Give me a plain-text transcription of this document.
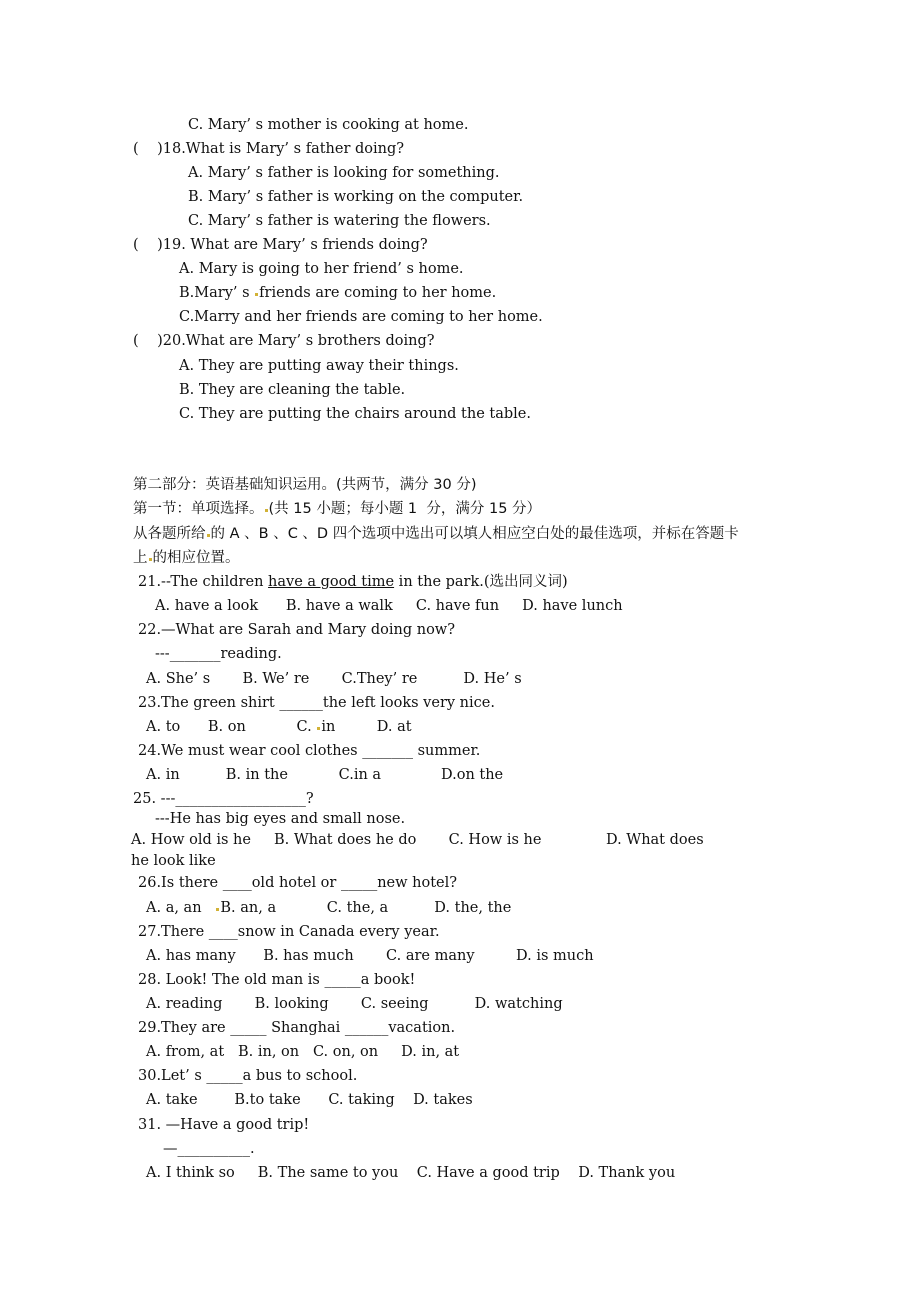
C. Mary’ s mother is cooking at home.
(    )18.What is Mary’ s father doing?
A. Mary’ s father is looking for something.
B. Mary’ s father is working on the computer.
C. Mary’ s father is watering the flowers.
(    )19. What are Mary’ s friends doing?
A. Mary is going to her friend’ s home.
B.Mary’ s friends are coming to her home.
C.Marry and her friends are coming to her home.
(    )20.What are Mary’ s brothers doing?
A. They are putting away their things.
B. They are cleaning the table.
C. They are putting the chairs around the table.
第二部分：英语基础知识运用。(共两节，满分 30 分)
第一节：单项选择。 (共 15 小题；每小题 1  分，满分 15 分）
从各题所给 的 A 、B 、C 、D 四个选项中选出可以填人相应空白处的最佳选项，并标在答题卡
上 的相应位置。
21.--The children have a good time in the park.(选出同义词)
A. have a look      B. have a walk     C. have fun     D. have lunch
22.—What are Sarah and Mary doing now?
---_______reading.
A. She’ s       B. We’ re       C.They’ re          D. He’ s
23.The green shirt ______the left looks very nice.
A. to      B. on           C. in         D. at
24.We must wear cool clothes _______ summer.
A. in          B. in the           C.in a             D.on the
25. ---__________________?
---He has big eyes and small nose.
A. How old is he     B. What does he do       C. How is he              D. What does
he look like
26.Is there ____old hotel or _____new hotel?
A. a, an   B. an, a           C. the, a          D. the, the
27.There ____snow in Canada every year.
A. has many      B. has much       C. are many         D. is much
28. Look! The old man is _____a book!
A. reading       B. looking       C. seeing          D. watching
29.They are _____ Shanghai ______vacation.
A. from, at   B. in, on   C. on, on     D. in, at
30.Let’ s _____a bus to school.
A. take        B.to take      C. taking    D. takes
31. —Have a good trip!
—__________.
A. I think so     B. The same to you    C. Have a good trip    D. Thank you
